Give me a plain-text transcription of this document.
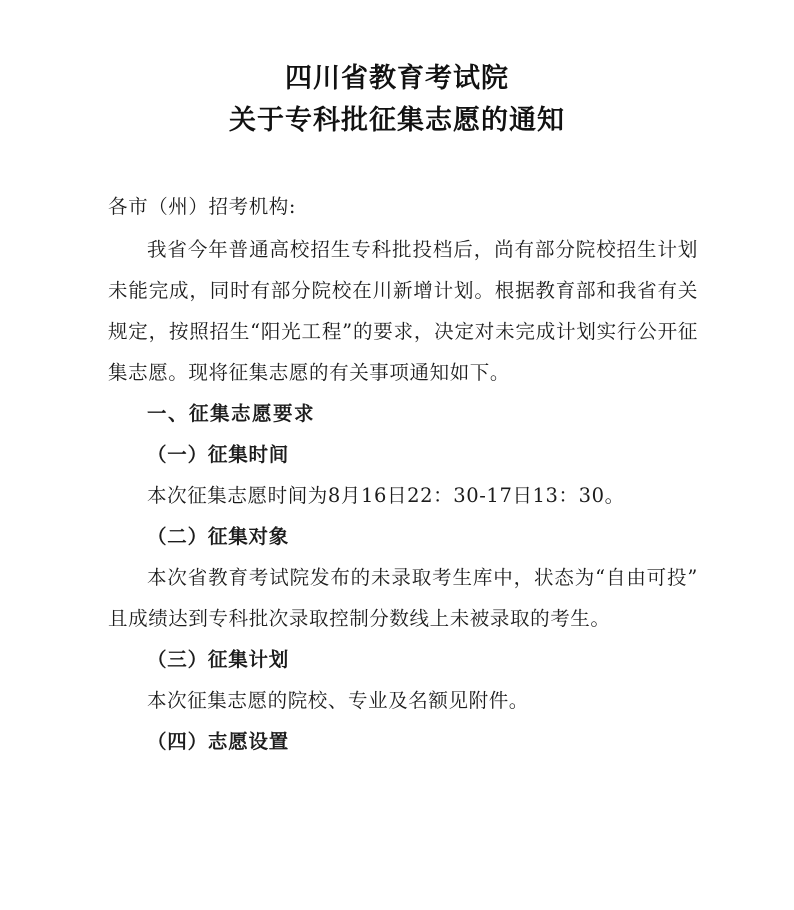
四川省教育考试院
关于专科批征集志愿的通知

各市（州）招考机构:

我省今年普通高校招生专科批投档后，尚有部分院校招生计划未能完成，同时有部分院校在川新增计划。根据教育部和我省有关规定，按照招生“阳光工程”的要求，决定对未完成计划实行公开征集志愿。现将征集志愿的有关事项通知如下。

一、征集志愿要求

（一）征集时间

本次征集志愿时间为8月16日22：30-17日13：30。

（二）征集对象

本次省教育考试院发布的未录取考生库中，状态为“自由可投”且成绩达到专科批次录取控制分数线上未被录取的考生。

（三）征集计划

本次征集志愿的院校、专业及名额见附件。

（四）志愿设置
